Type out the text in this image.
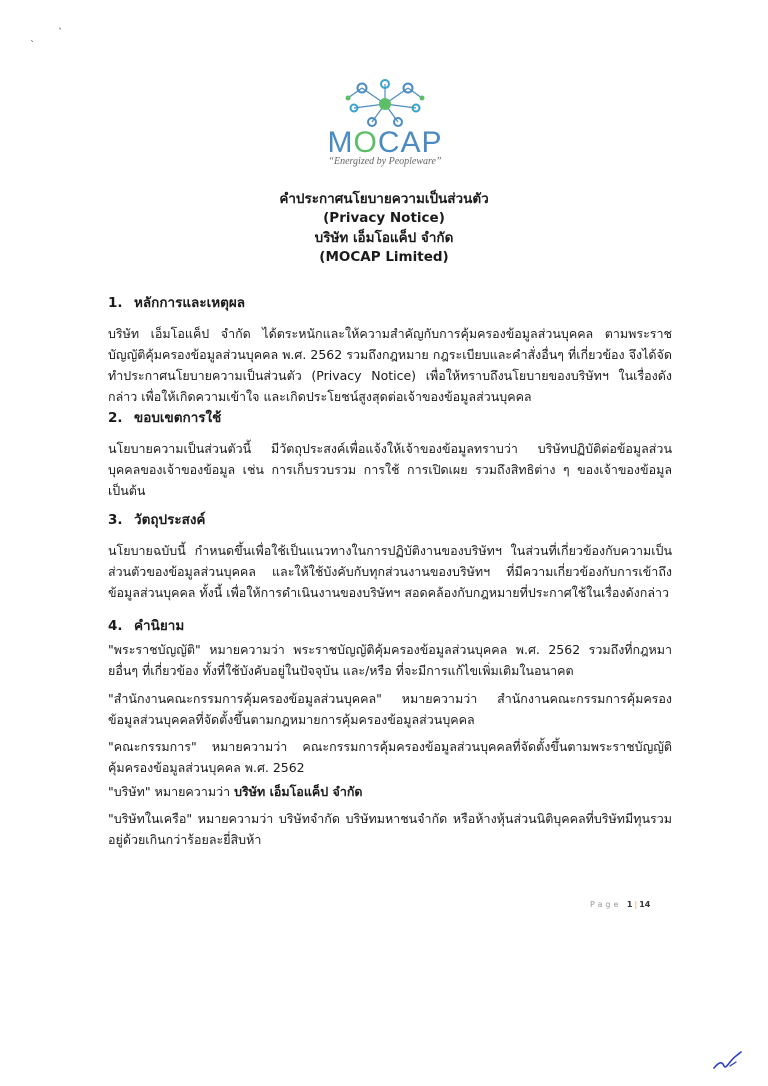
˴
`
MOCAP
“Energized by Peopleware”
คำประกาศนโยบายความเป็นส่วนตัว
(Privacy Notice)
บริษัท เอ็มโอแค็ป จำกัด
(MOCAP Limited)
1. หลักการและเหตุผล
บริษัท เอ็มโอแค็ป จำกัด ได้ตระหนักและให้ความสำคัญกับการคุ้มครองข้อมูลส่วนบุคคล ตามพระราชบัญญัติคุ้มครองข้อมูลส่วนบุคคล พ.ศ. 2562 รวมถึงกฎหมาย กฎระเบียบและคำสั่งอื่นๆ ที่เกี่ยวข้อง จึงได้จัดทำประกาศนโยบายความเป็นส่วนตัว (Privacy Notice) เพื่อให้ทราบถึงนโยบายของบริษัทฯ ในเรื่องดังกล่าว เพื่อให้เกิดความเข้าใจ และเกิดประโยชน์สูงสุดต่อเจ้าของข้อมูลส่วนบุคคล
2. ขอบเขตการใช้
นโยบายความเป็นส่วนตัวนี้ มีวัตถุประสงค์เพื่อแจ้งให้เจ้าของข้อมูลทราบว่า บริษัทปฏิบัติต่อข้อมูลส่วนบุคคลของเจ้าของข้อมูล เช่น การเก็บรวบรวม การใช้ การเปิดเผย รวมถึงสิทธิต่าง ๆ ของเจ้าของข้อมูลเป็นต้น
3. วัตถุประสงค์
นโยบายฉบับนี้ กำหนดขึ้นเพื่อใช้เป็นแนวทางในการปฏิบัติงานของบริษัทฯ ในส่วนที่เกี่ยวข้องกับความเป็นส่วนตัวของข้อมูลส่วนบุคคล และให้ใช้บังคับกับทุกส่วนงานของบริษัทฯ ที่มีความเกี่ยวข้องกับการเข้าถึงข้อมูลส่วนบุคคล ทั้งนี้ เพื่อให้การดำเนินงานของบริษัทฯ สอดคล้องกับกฎหมายที่ประกาศใช้ในเรื่องดังกล่าว
4. คำนิยาม
"พระราชบัญญัติ" หมายความว่า พระราชบัญญัติคุ้มครองข้อมูลส่วนบุคคล พ.ศ. 2562 รวมถึงที่กฎหมายอื่นๆ ที่เกี่ยวข้อง ทั้งที่ใช้บังคับอยู่ในปัจจุบัน และ/หรือ ที่จะมีการแก้ไขเพิ่มเติมในอนาคต
"สำนักงานคณะกรรมการคุ้มครองข้อมูลส่วนบุคคล" หมายความว่า สำนักงานคณะกรรมการคุ้มครองข้อมูลส่วนบุคคลที่จัดตั้งขึ้นตามกฎหมายการคุ้มครองข้อมูลส่วนบุคคล
"คณะกรรมการ" หมายความว่า คณะกรรมการคุ้มครองข้อมูลส่วนบุคคลที่จัดตั้งขึ้นตามพระราชบัญญัติคุ้มครองข้อมูลส่วนบุคคล พ.ศ. 2562
"บริษัท" หมายความว่า บริษัท เอ็มโอแค็ป จำกัด
"บริษัทในเครือ" หมายความว่า บริษัทจำกัด บริษัทมหาชนจำกัด หรือห้างหุ้นส่วนนิติบุคคลที่บริษัทมีทุนรวมอยู่ด้วยเกินกว่าร้อยละยี่สิบห้า
Page 1 | 14
